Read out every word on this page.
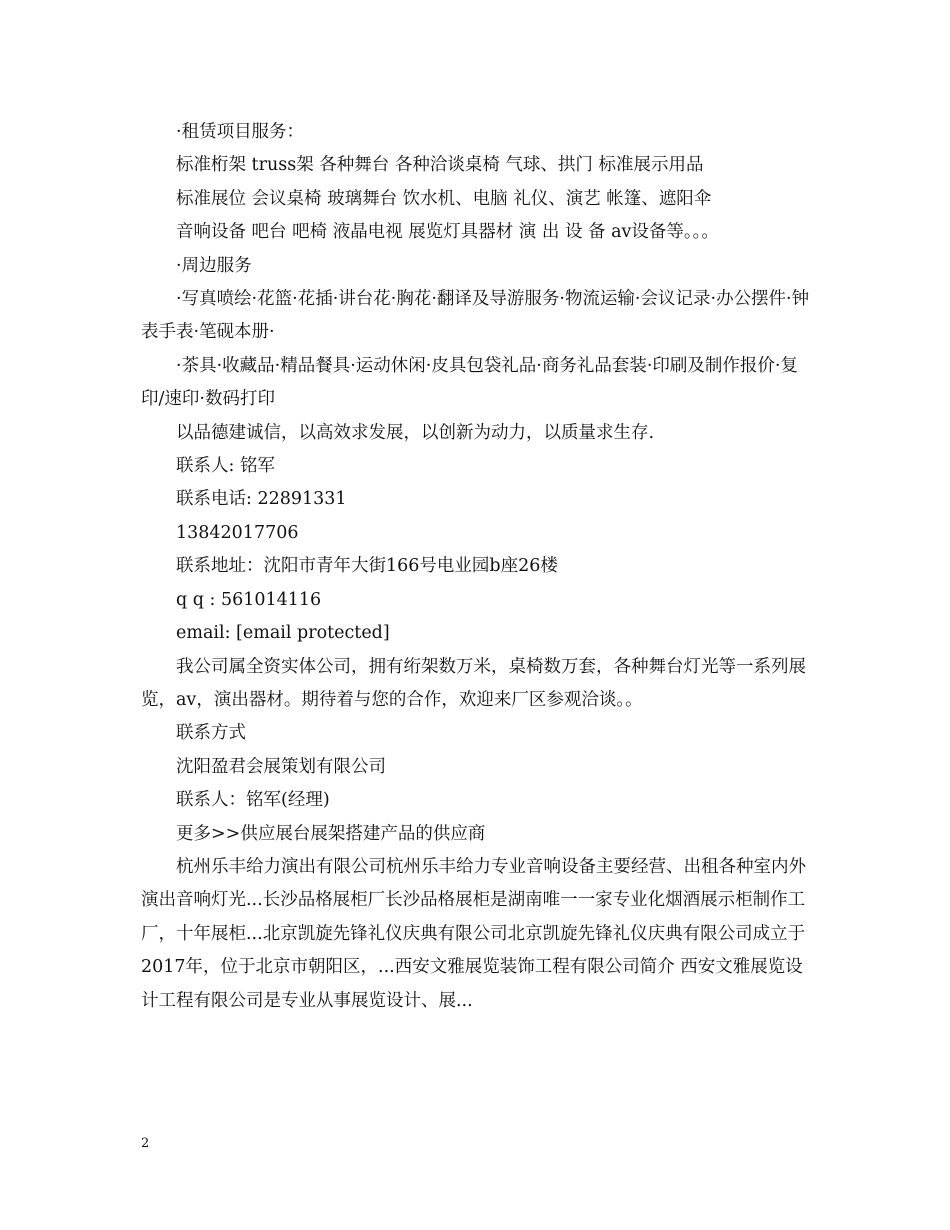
·租赁项目服务：

标准桁架 truss架 各种舞台 各种洽谈桌椅 气球、拱门 标准展示用品

标准展位 会议桌椅 玻璃舞台 饮水机、电脑 礼仪、演艺 帐篷、遮阳伞

音响设备 吧台 吧椅 液晶电视 展览灯具器材 演 出 设 备 av设备等。。。

·周边服务

·写真喷绘·花篮·花插·讲台花·胸花·翻译及导游服务·物流运输·会议记录·办公摆件·钟表手表·笔砚本册·

·茶具·收藏品·精品餐具·运动休闲·皮具包袋礼品·商务礼品套装·印刷及制作报价·复印/速印·数码打印

以品德建诚信，以高效求发展，以创新为动力，以质量求生存.

联系人: 铭军

联系电话: 22891331

13842017706

联系地址：沈阳市青年大街166号电业园b座26楼

q q : 561014116

email: [email protected]

我公司属全资实体公司，拥有绗架数万米，桌椅数万套，各种舞台灯光等一系列展览，av，演出器材。期待着与您的合作，欢迎来厂区参观洽谈。。

联系方式

沈阳盈君会展策划有限公司

联系人：铭军(经理)

更多>>供应展台展架搭建产品的供应商

杭州乐丰给力演出有限公司杭州乐丰给力专业音响设备主要经营、出租各种室内外演出音响灯光...长沙品格展柜厂长沙品格展柜是湖南唯一一家专业化烟酒展示柜制作工厂，十年展柜...北京凯旋先锋礼仪庆典有限公司北京凯旋先锋礼仪庆典有限公司成立于2017年，位于北京市朝阳区，...西安文雅展览装饰工程有限公司简介 西安文雅展览设计工程有限公司是专业从事展览设计、展...

2
